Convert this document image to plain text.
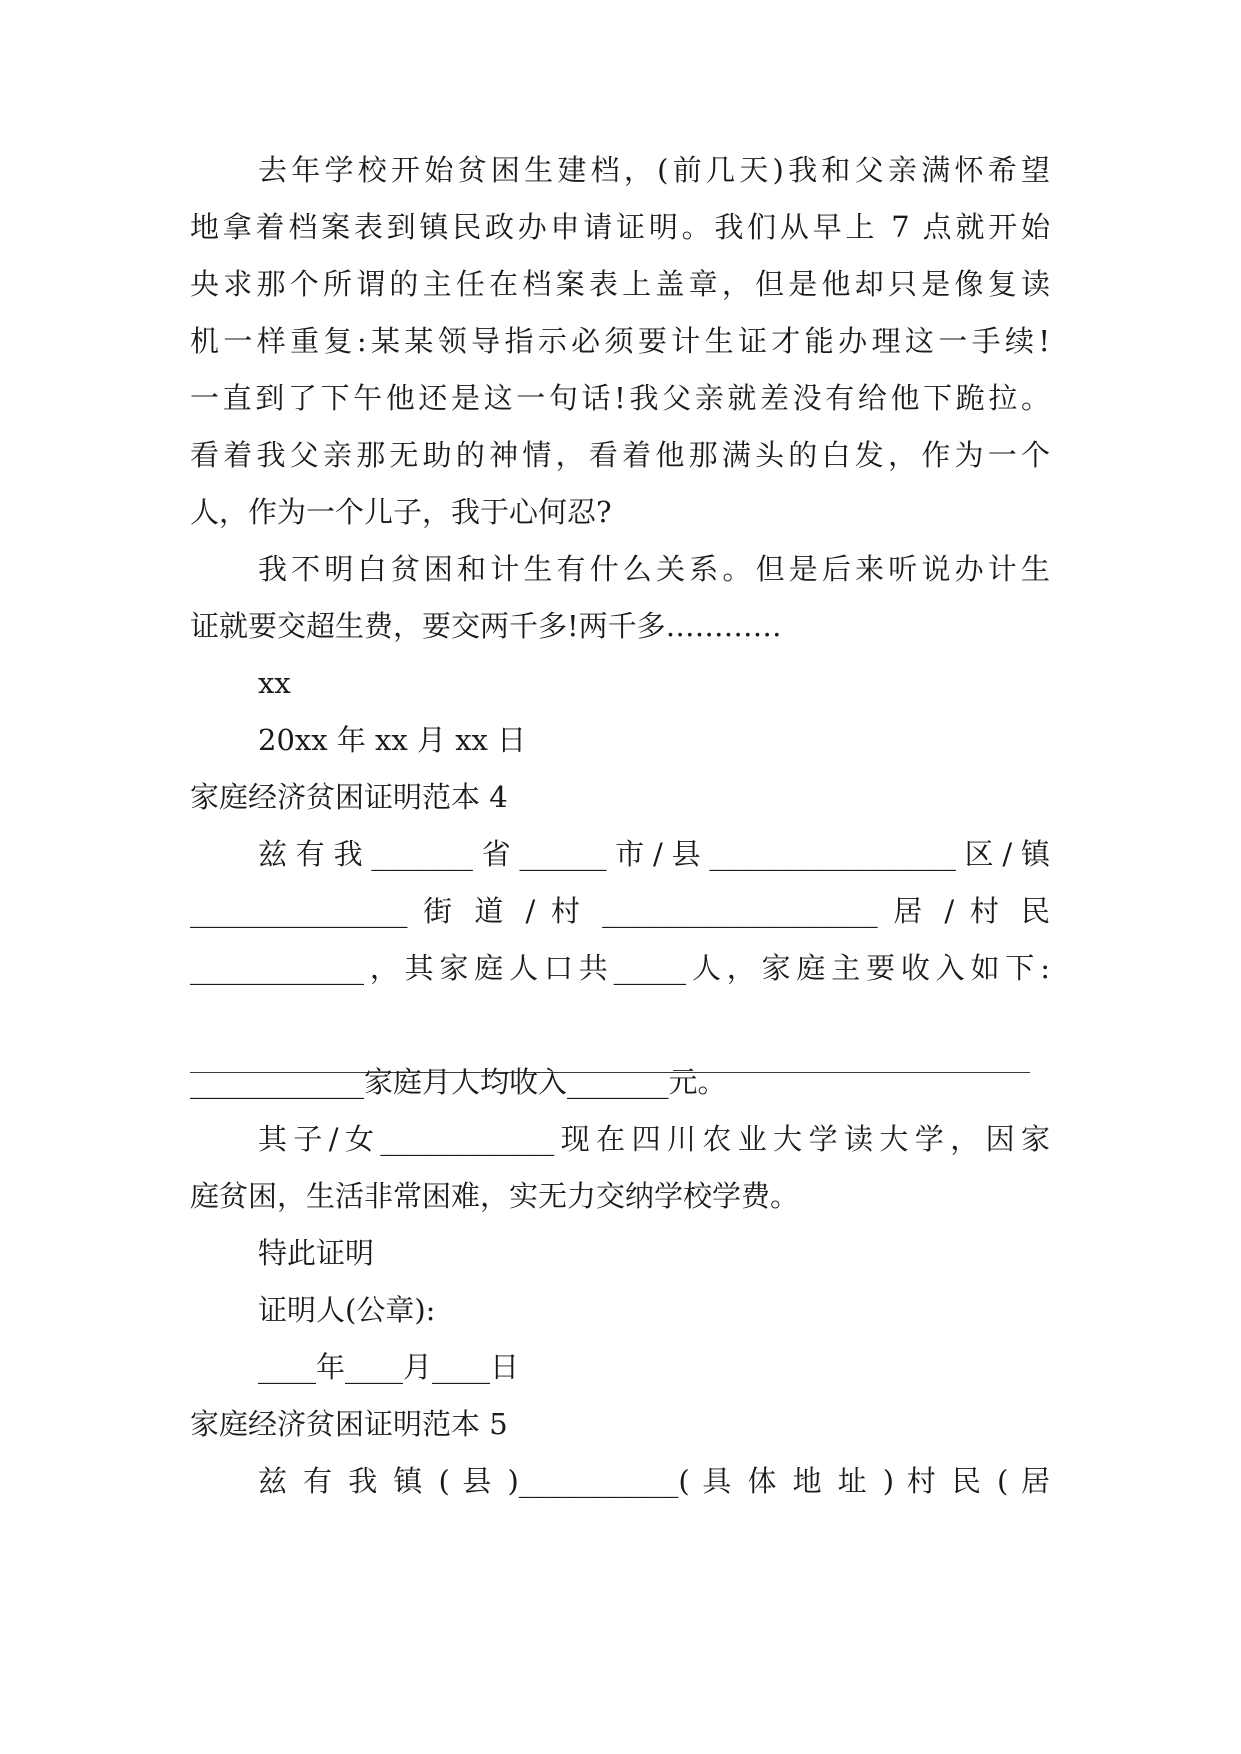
去年学校开始贫困生建档，(前几天)我和父亲满怀希望
地拿着档案表到镇民政办申请证明。我们从早上 7 点就开始
央求那个所谓的主任在档案表上盖章，但是他却只是像复读
机一样重复:某某领导指示必须要计生证才能办理这一手续!
一直到了下午他还是这一句话!我父亲就差没有给他下跪拉。
看着我父亲那无助的神情，看着他那满头的白发，作为一个
人，作为一个儿子，我于心何忍?
我不明白贫困和计生有什么关系。但是后来听说办计生
证就要交超生费，要交两千多!两千多…………
xx
20xx 年 xx 月 xx 日
家庭经济贫困证明范本 4
兹有我_______省______市/县_________________区/镇
_______________ 街 道 / 村 ___________________ 居 / 村 民
____________，其家庭人口共_____人，家庭主要收入如下:
____________家庭月人均收入_______元。
其子/女____________现在四川农业大学读大学，因家
庭贫困，生活非常困难，实无力交纳学校学费。
特此证明
证明人(公章):
____年____月____日
家庭经济贫困证明范本 5
兹 有 我 镇 ( 县 )___________( 具 体 地 址 ) 村 民 ( 居
